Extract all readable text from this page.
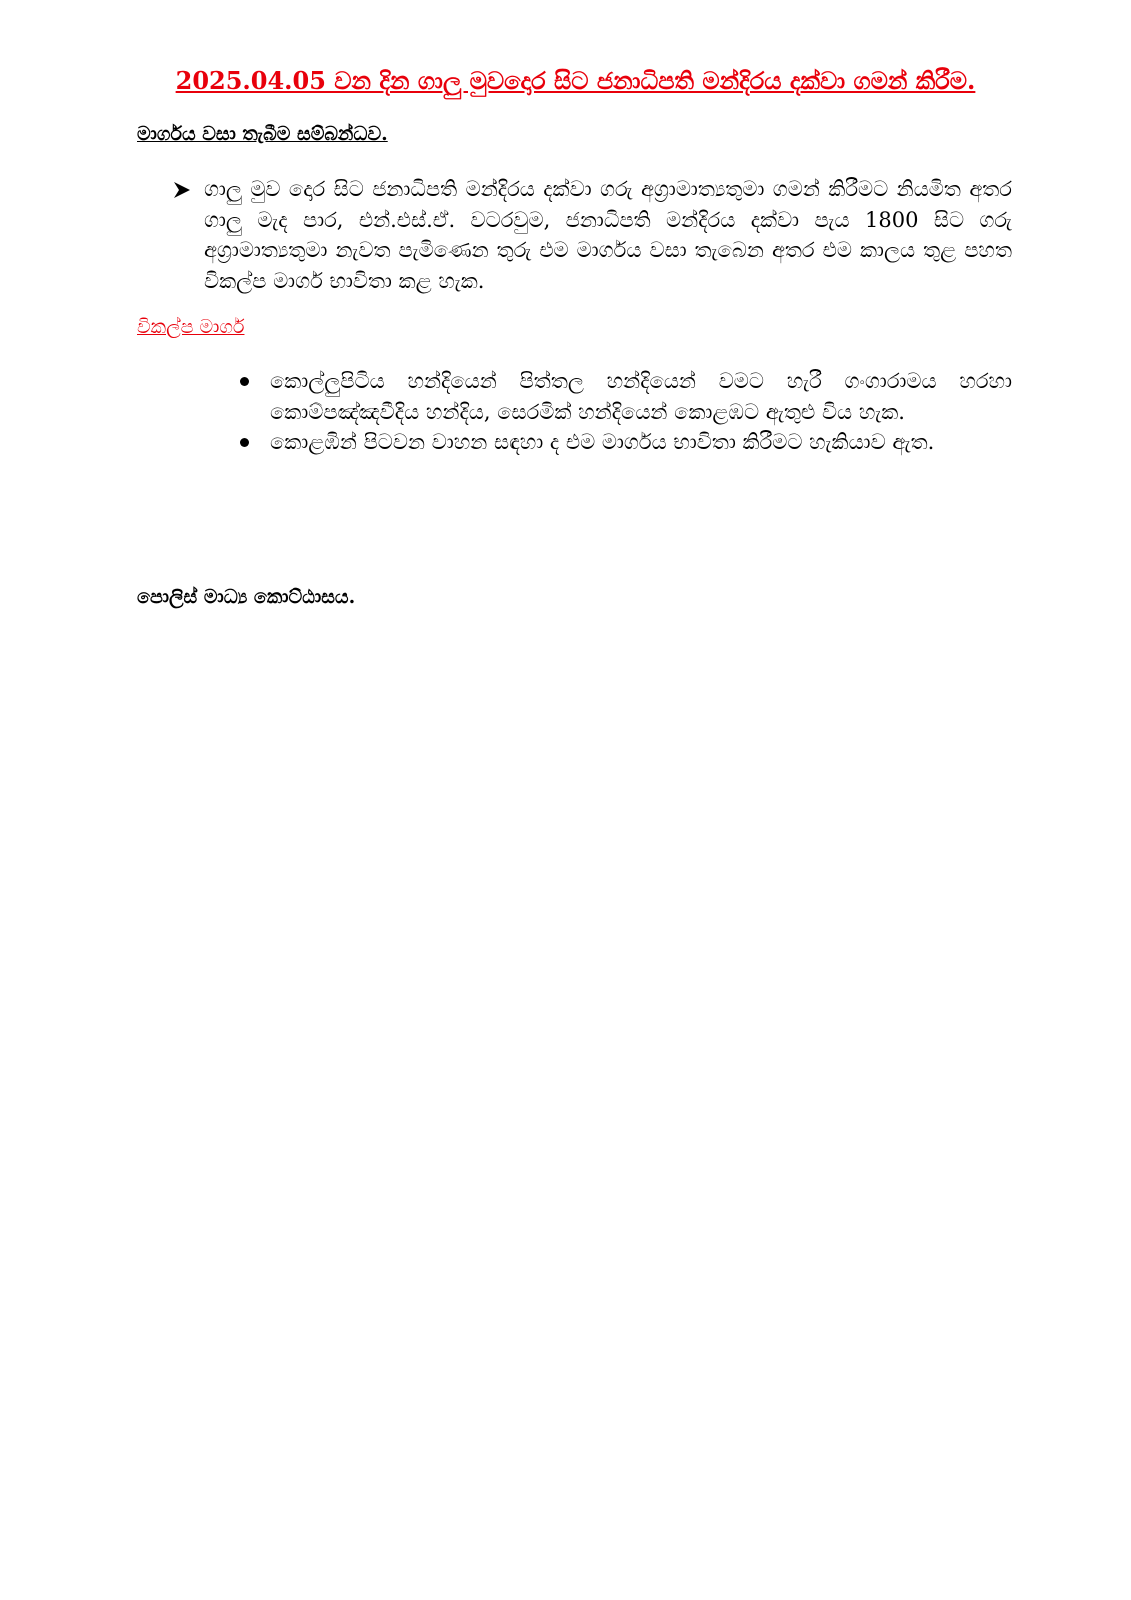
2025.04.05 වන දින ගාලු මුවදොර සිට ජනාධිපති මන්දිරය දක්වා ගමන් කිරීම.
මාර්ගය වසා තැබීම සම්බන්ධව.
ගාලු මුව දොර සිට ජනාධිපති මන්දිරය දක්වා ගරු අග්‍රාමාත්‍යතුමා ගමන් කිරීමට නියමිත අතර ගාලු මැද පාර, එන්.එස්.ඒ. වටරවුම, ජනාධිපති මන්දිරය දක්වා පැය 1800 සිට ගරු අග්‍රාමාත්‍යතුමා නැවත පැමිණෙන තුරු එම මාර්ගය වසා තැබෙන අතර එම කාලය තුළ පහත විකල්ප මාර්ග භාවිතා කළ හැක.
විකල්ප මාර්ග
කොල්ලුපිටිය හන්දියෙන් පිත්තල හන්දියෙන් වමට හැරී ගංගාරාමය හරහා කොම්පඤ්ඤවීදිය හන්දිය, සෙරමික් හන්දියෙන් කොළඹට ඇතුළු විය හැක.
කොළඹින් පිටවන වාහන සඳහා ද එම මාර්ගය භාවිතා කිරීමට හැකියාව ඇත.
පොලිස් මාධ්‍ය කොට්ඨාසය.
